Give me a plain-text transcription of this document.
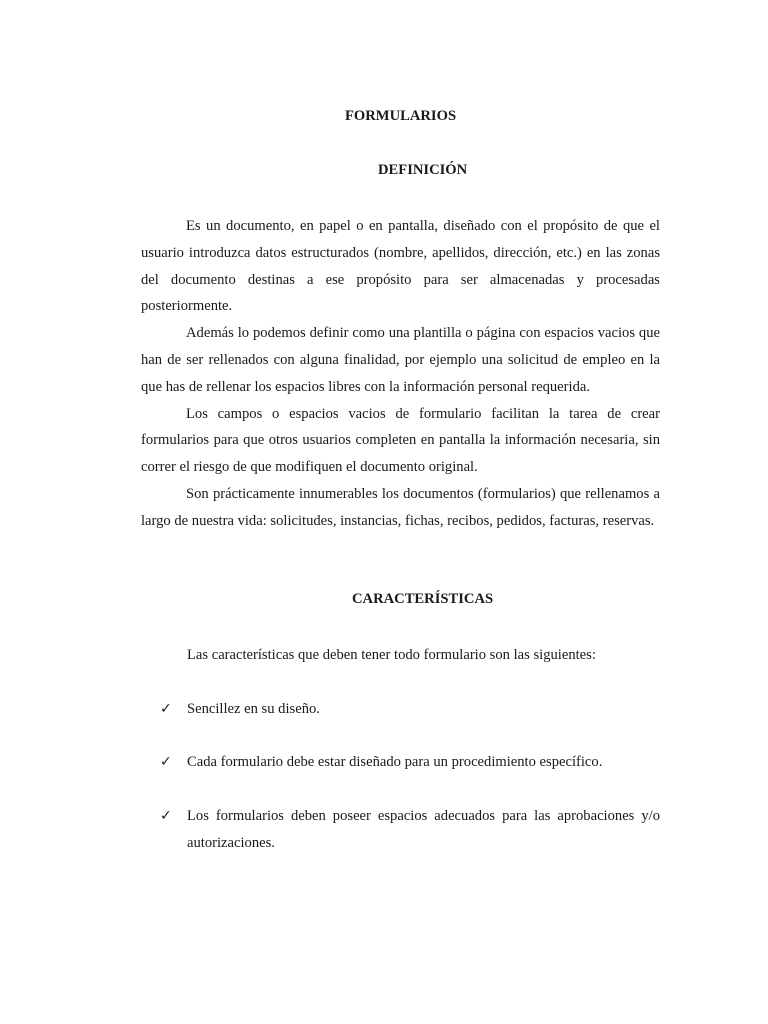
FORMULARIOS
DEFINICIÓN

Es un documento, en papel o en pantalla, diseñado con el propósito de que el usuario introduzca datos estructurados (nombre, apellidos, dirección, etc.) en las zonas del documento destinas a ese propósito para ser almacenadas y procesadas posteriormente.

Además lo podemos definir como una plantilla o página con espacios vacios que han de ser rellenados con alguna finalidad, por ejemplo una solicitud de empleo en la que has de rellenar los espacios libres con la información personal requerida.

Los campos o espacios vacios de formulario facilitan la tarea de crear formularios para que otros usuarios completen en pantalla la información necesaria, sin correr el riesgo de que modifiquen el documento original.

Son prácticamente innumerables los documentos (formularios) que rellenamos a largo de nuestra vida: solicitudes, instancias, fichas, recibos, pedidos, facturas, reservas.

CARACTERÍSTICAS
Las características que deben tener todo formulario son las siguientes:
✓	Sencillez en su diseño.
✓	Cada formulario debe estar diseñado para un procedimiento específico.
✓	Los formularios deben poseer espacios adecuados para las aprobaciones y/o autorizaciones.
